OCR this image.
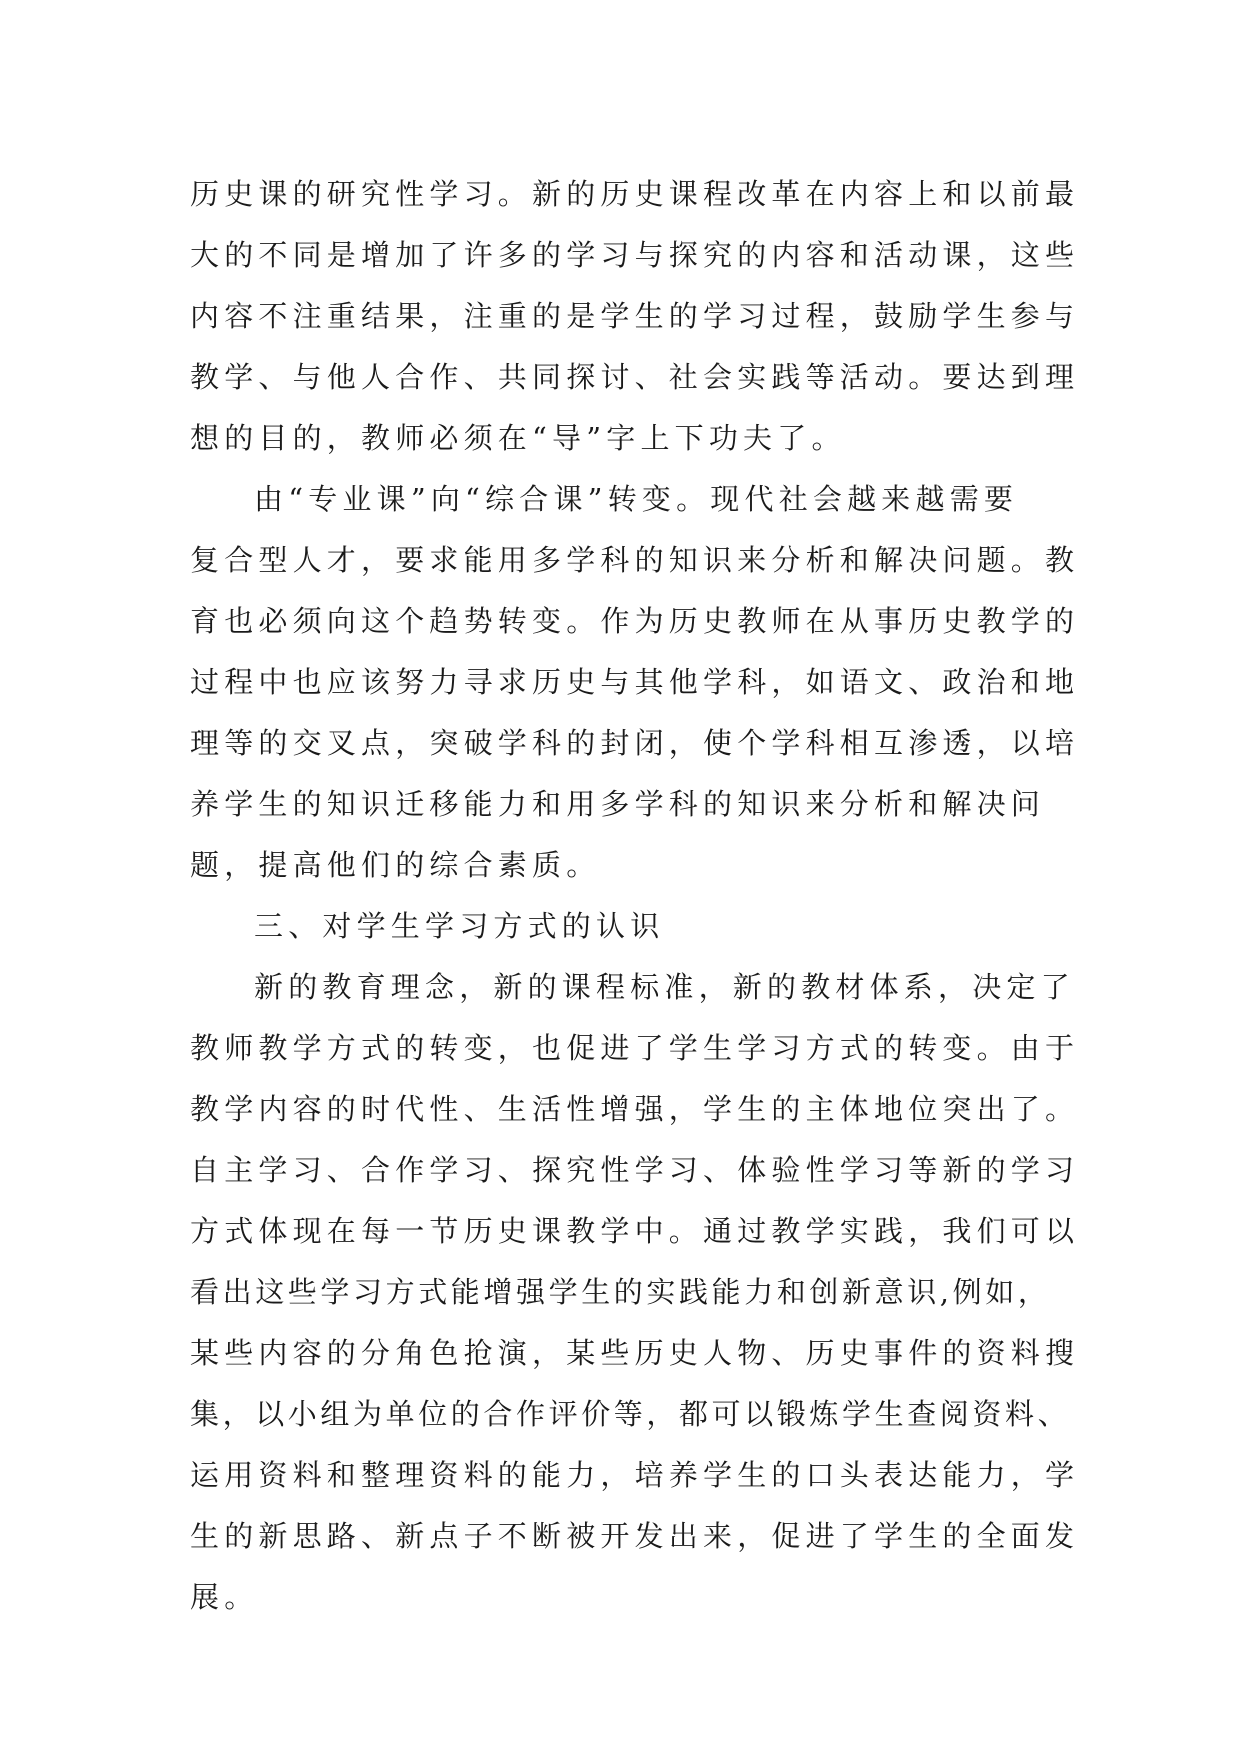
历史课的研究性学习。新的历史课程改革在内容上和以前最
大的不同是增加了许多的学习与探究的内容和活动课，这些
内容不注重结果，注重的是学生的学习过程，鼓励学生参与
教学、与他人合作、共同探讨、社会实践等活动。要达到理
想的目的，教师必须在“导”字上下功夫了。
由“专业课”向“综合课”转变。现代社会越来越需要
复合型人才，要求能用多学科的知识来分析和解决问题。教
育也必须向这个趋势转变。作为历史教师在从事历史教学的
过程中也应该努力寻求历史与其他学科，如语文、政治和地
理等的交叉点，突破学科的封闭，使个学科相互渗透，以培
养学生的知识迁移能力和用多学科的知识来分析和解决问
题，提高他们的综合素质。
三、对学生学习方式的认识
新的教育理念，新的课程标准，新的教材体系，决定了
教师教学方式的转变，也促进了学生学习方式的转变。由于
教学内容的时代性、生活性增强，学生的主体地位突出了。
自主学习、合作学习、探究性学习、体验性学习等新的学习
方式体现在每一节历史课教学中。通过教学实践，我们可以
看出这些学习方式能增强学生的实践能力和创新意识,例如，
某些内容的分角色抢演，某些历史人物、历史事件的资料搜
集，以小组为单位的合作评价等，都可以锻炼学生查阅资料、
运用资料和整理资料的能力，培养学生的口头表达能力，学
生的新思路、新点子不断被开发出来，促进了学生的全面发
展。
